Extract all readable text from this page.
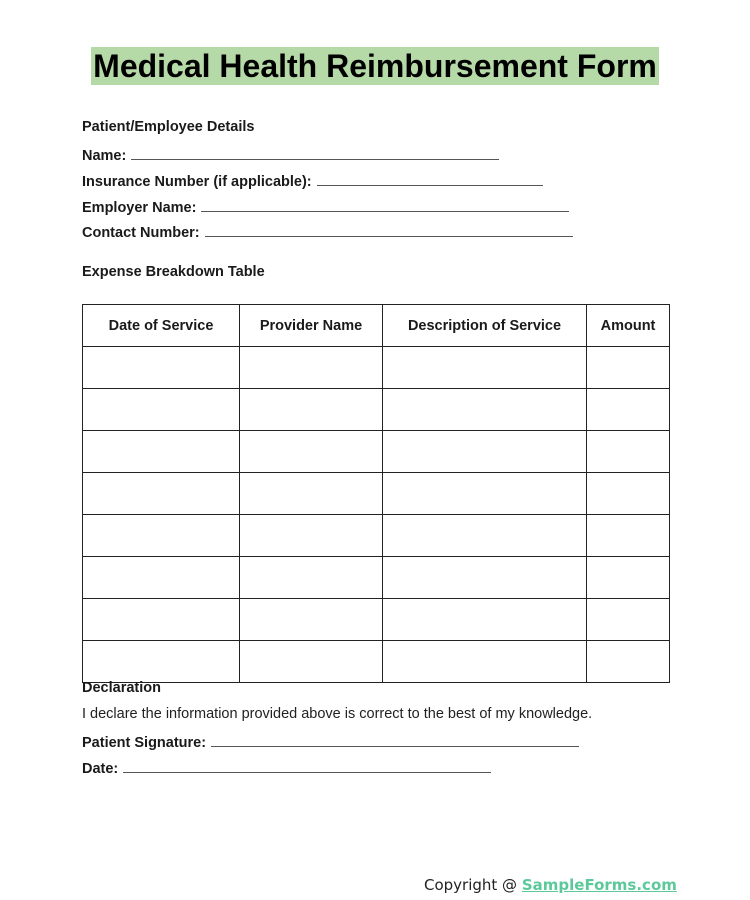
Medical Health Reimbursement Form
Patient/Employee Details
Name:
Insurance Number (if applicable):
Employer Name:
Contact Number:
Expense Breakdown Table
Date of Service	Provider Name	Description of Service	Amount

Declaration
I declare the information provided above is correct to the best of my knowledge.
Patient Signature:
Date:
Copyright @ SampleForms.com
